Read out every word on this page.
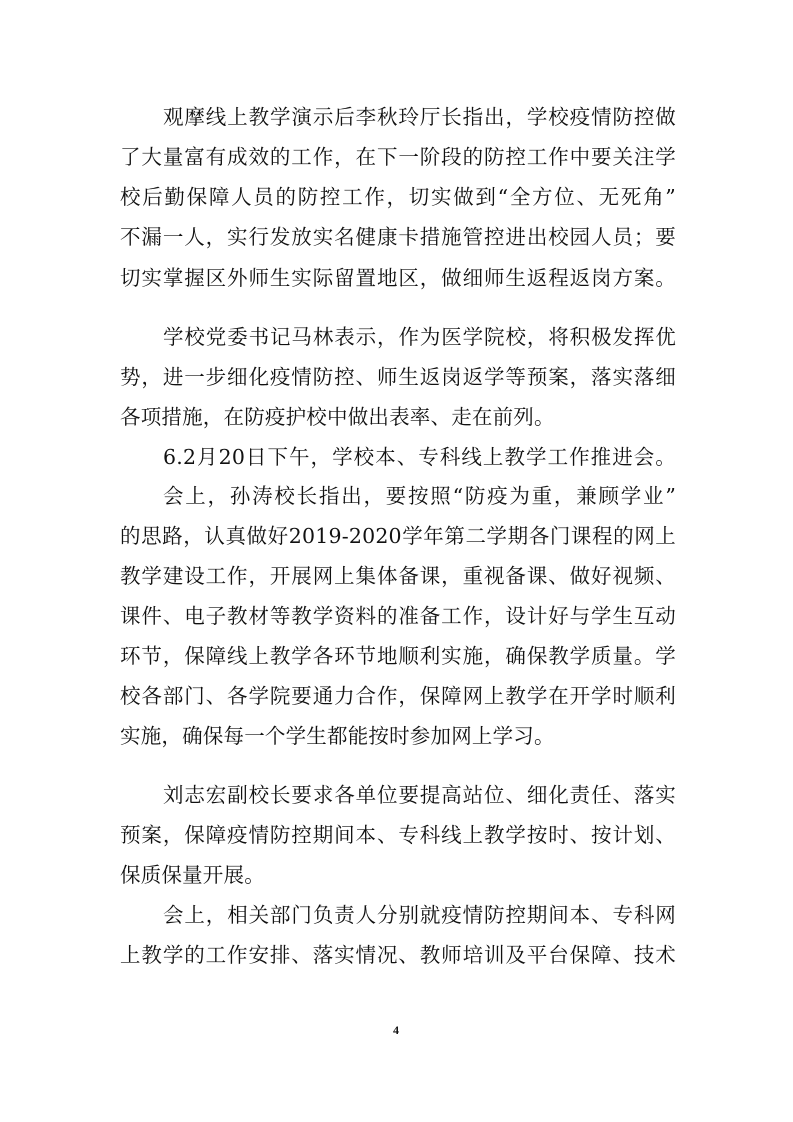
观摩线上教学演示后李秋玲厅长指出，学校疫情防控做
了大量富有成效的工作，在下一阶段的防控工作中要关注学
校后勤保障人员的防控工作，切实做到“全方位、无死角”
不漏一人，实行发放实名健康卡措施管控进出校园人员；要
切实掌握区外师生实际留置地区，做细师生返程返岗方案。
学校党委书记马林表示，作为医学院校，将积极发挥优
势，进一步细化疫情防控、师生返岗返学等预案，落实落细
各项措施，在防疫护校中做出表率、走在前列。
6.2月20日下午，学校本、专科线上教学工作推进会。
会上，孙涛校长指出，要按照“防疫为重，兼顾学业”
的思路，认真做好2019-2020学年第二学期各门课程的网上
教学建设工作，开展网上集体备课，重视备课、做好视频、
课件、电子教材等教学资料的准备工作，设计好与学生互动
环节，保障线上教学各环节地顺利实施，确保教学质量。学
校各部门、各学院要通力合作，保障网上教学在开学时顺利
实施，确保每一个学生都能按时参加网上学习。
刘志宏副校长要求各单位要提高站位、细化责任、落实
预案，保障疫情防控期间本、专科线上教学按时、按计划、
保质保量开展。
会上，相关部门负责人分别就疫情防控期间本、专科网
上教学的工作安排、落实情况、教师培训及平台保障、技术
4
